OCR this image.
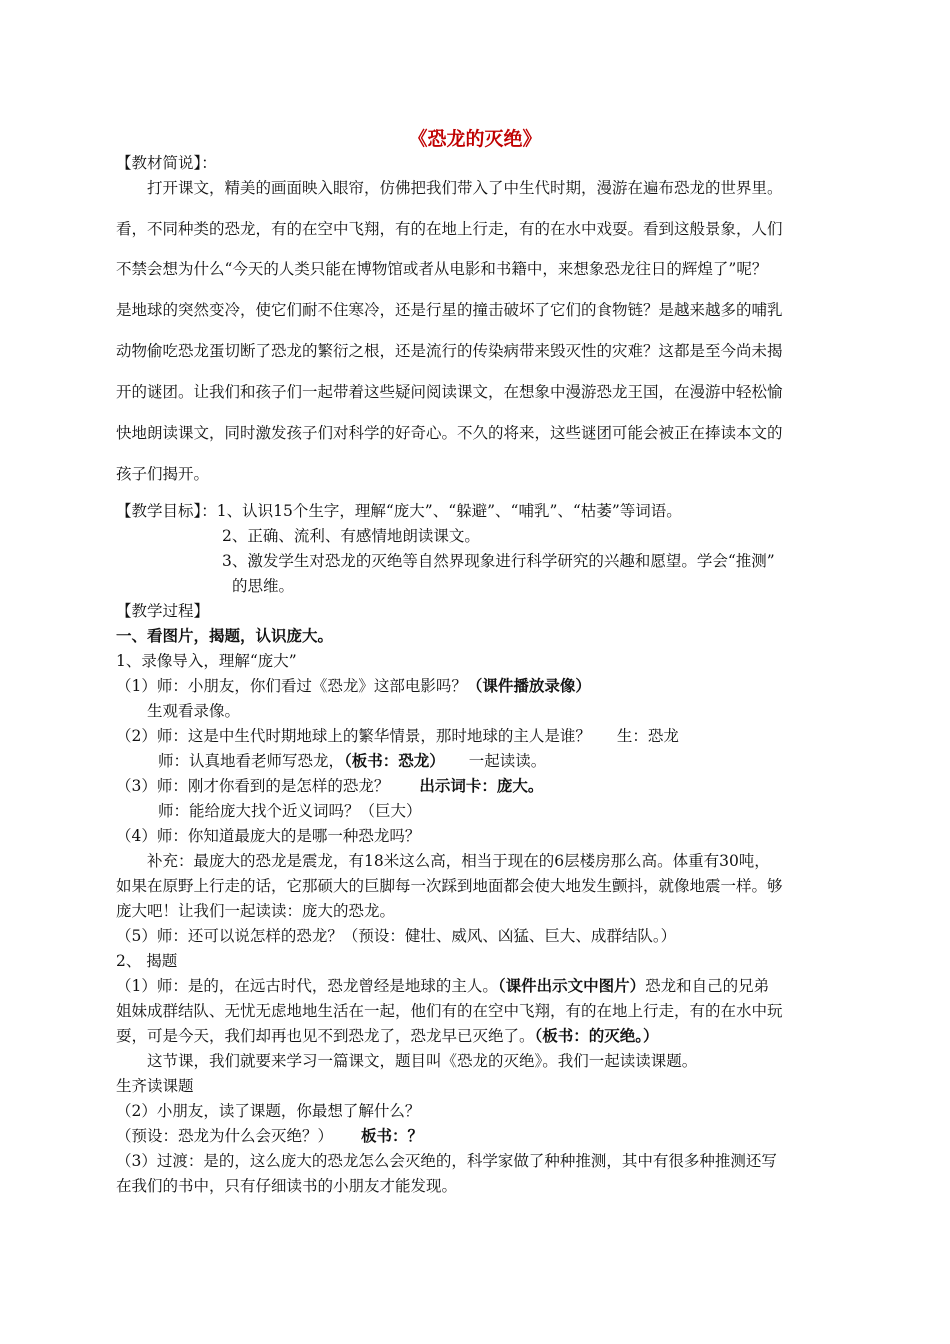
《恐龙的灭绝》
【教材简说】：
打开课文，精美的画面映入眼帘，仿佛把我们带入了中生代时期，漫游在遍布恐龙的世界里。
看，不同种类的恐龙，有的在空中飞翔，有的在地上行走，有的在水中戏耍。看到这般景象，人们
不禁会想为什么“今天的人类只能在博物馆或者从电影和书籍中，来想象恐龙往日的辉煌了”呢？
是地球的突然变冷，使它们耐不住寒冷，还是行星的撞击破坏了它们的食物链？是越来越多的哺乳
动物偷吃恐龙蛋切断了恐龙的繁衍之根，还是流行的传染病带来毁灭性的灾难？这都是至今尚未揭
开的谜团。让我们和孩子们一起带着这些疑问阅读课文，在想象中漫游恐龙王国，在漫游中轻松愉
快地朗读课文，同时激发孩子们对科学的好奇心。不久的将来，这些谜团可能会被正在捧读本文的
孩子们揭开。
【教学目标】：1、认识15个生字，理解“庞大”、“躲避”、“哺乳”、“枯萎”等词语。
2、正确、流利、有感情地朗读课文。
3、激发学生对恐龙的灭绝等自然界现象进行科学研究的兴趣和愿望。学会“推测”
的思维。
【教学过程】
一、看图片，揭题，认识庞大。
1、录像导入，理解“庞大”
（1）师：小朋友，你们看过《恐龙》这部电影吗？（课件播放录像）
生观看录像。
（2）师：这是中生代时期地球上的繁华情景，那时地球的主人是谁？ 生：恐龙
师：认真地看老师写恐龙，（板书：恐龙） 一起读读。
（3）师：刚才你看到的是怎样的恐龙？ 出示词卡：庞大。
师：能给庞大找个近义词吗？（巨大）
（4）师：你知道最庞大的是哪一种恐龙吗？
补充：最庞大的恐龙是震龙，有18米这么高，相当于现在的6层楼房那么高。体重有30吨，
如果在原野上行走的话，它那硕大的巨脚每一次踩到地面都会使大地发生颤抖，就像地震一样。够
庞大吧！让我们一起读读：庞大的恐龙。
（5）师：还可以说怎样的恐龙？（预设：健壮、威风、凶猛、巨大、成群结队。）
2、 揭题
（1）师：是的，在远古时代，恐龙曾经是地球的主人。（课件出示文中图片）恐龙和自己的兄弟
姐妹成群结队、无忧无虑地地生活在一起，他们有的在空中飞翔，有的在地上行走，有的在水中玩
耍，可是今天，我们却再也见不到恐龙了，恐龙早已灭绝了。（板书：的灭绝。）
这节课，我们就要来学习一篇课文，题目叫《恐龙的灭绝》。我们一起读读课题。
生齐读课题
（2）小朋友，读了课题，你最想了解什么？
（预设：恐龙为什么会灭绝？） 板书：？
（3）过渡：是的，这么庞大的恐龙怎么会灭绝的，科学家做了种种推测，其中有很多种推测还写
在我们的书中，只有仔细读书的小朋友才能发现。
